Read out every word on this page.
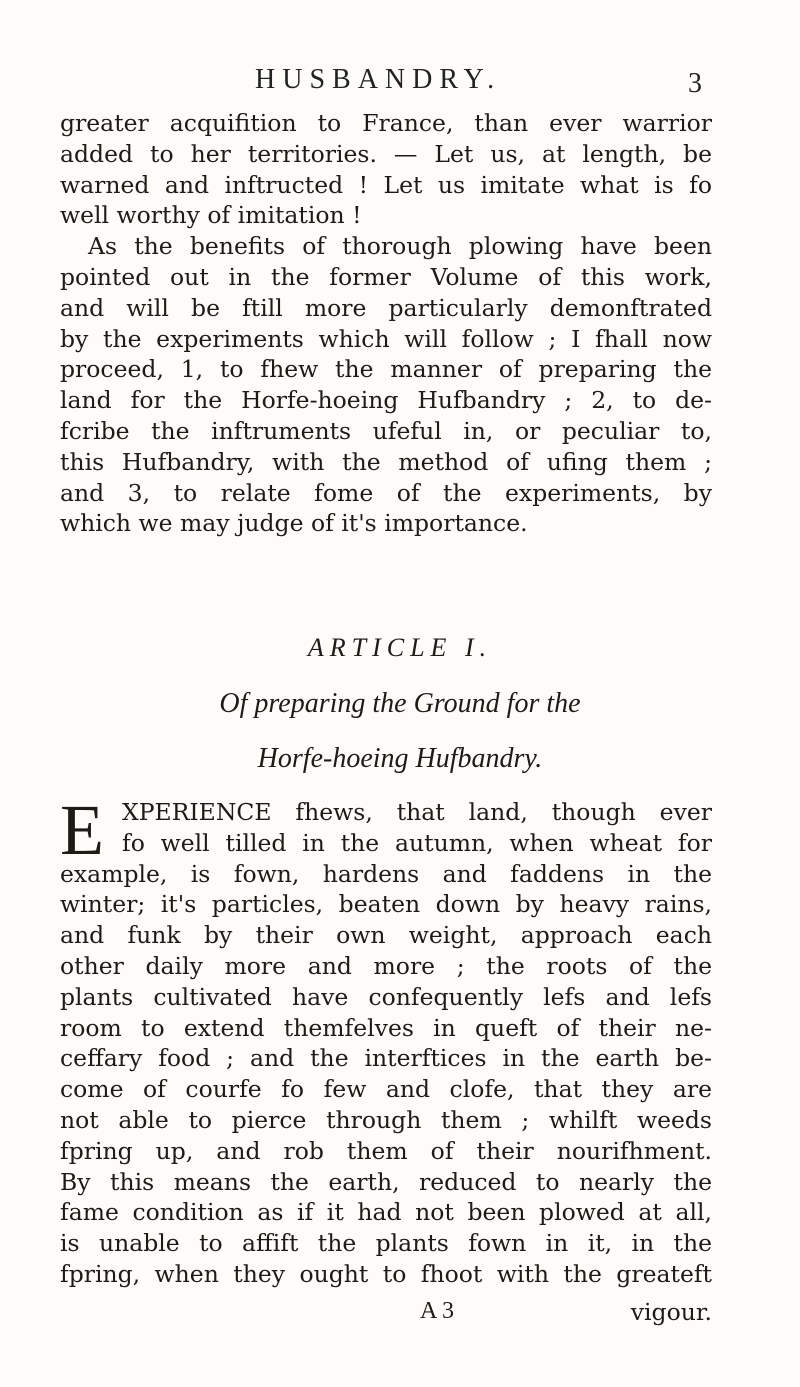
HUSBANDRY.	3
greater acquifition to France, than ever warrior
added to her territories. — Let us, at length, be
warned and inftructed ! Let us imitate what is fo
well worthy of imitation !
As the benefits of thorough plowing have been
pointed out in the former Volume of this work,
and will be ftill more particularly demonftrated
by the experiments which will follow ; I fhall now
proceed, 1, to fhew the manner of preparing the
land for the Horfe-hoeing Hufbandry ; 2, to de-
fcribe the inftruments ufeful in, or peculiar to,
this Hufbandry, with the method of ufing them ;
and 3, to relate fome of the experiments, by
which we may judge of it's importance.
ARTICLE I.
Of preparing the Ground for the
Horfe-hoeing Hufbandry.
E XPERIENCE fhews, that land, though ever
fo well tilled in the autumn, when wheat for
example, is fown, hardens and faddens in the
winter; it's particles, beaten down by heavy rains,
and funk by their own weight, approach each
other daily more and more ; the roots of the
plants cultivated have confequently lefs and lefs
room to extend themfelves in queft of their ne-
ceffary food ; and the interftices in the earth be-
come of courfe fo few and clofe, that they are
not able to pierce through them ; whilft weeds
fpring up, and rob them of their nourifhment.
By this means the earth, reduced to nearly the
fame condition as if it had not been plowed at all,
is unable to affift the plants fown in it, in the
fpring, when they ought to fhoot with the greateft
A 3	vigour.
